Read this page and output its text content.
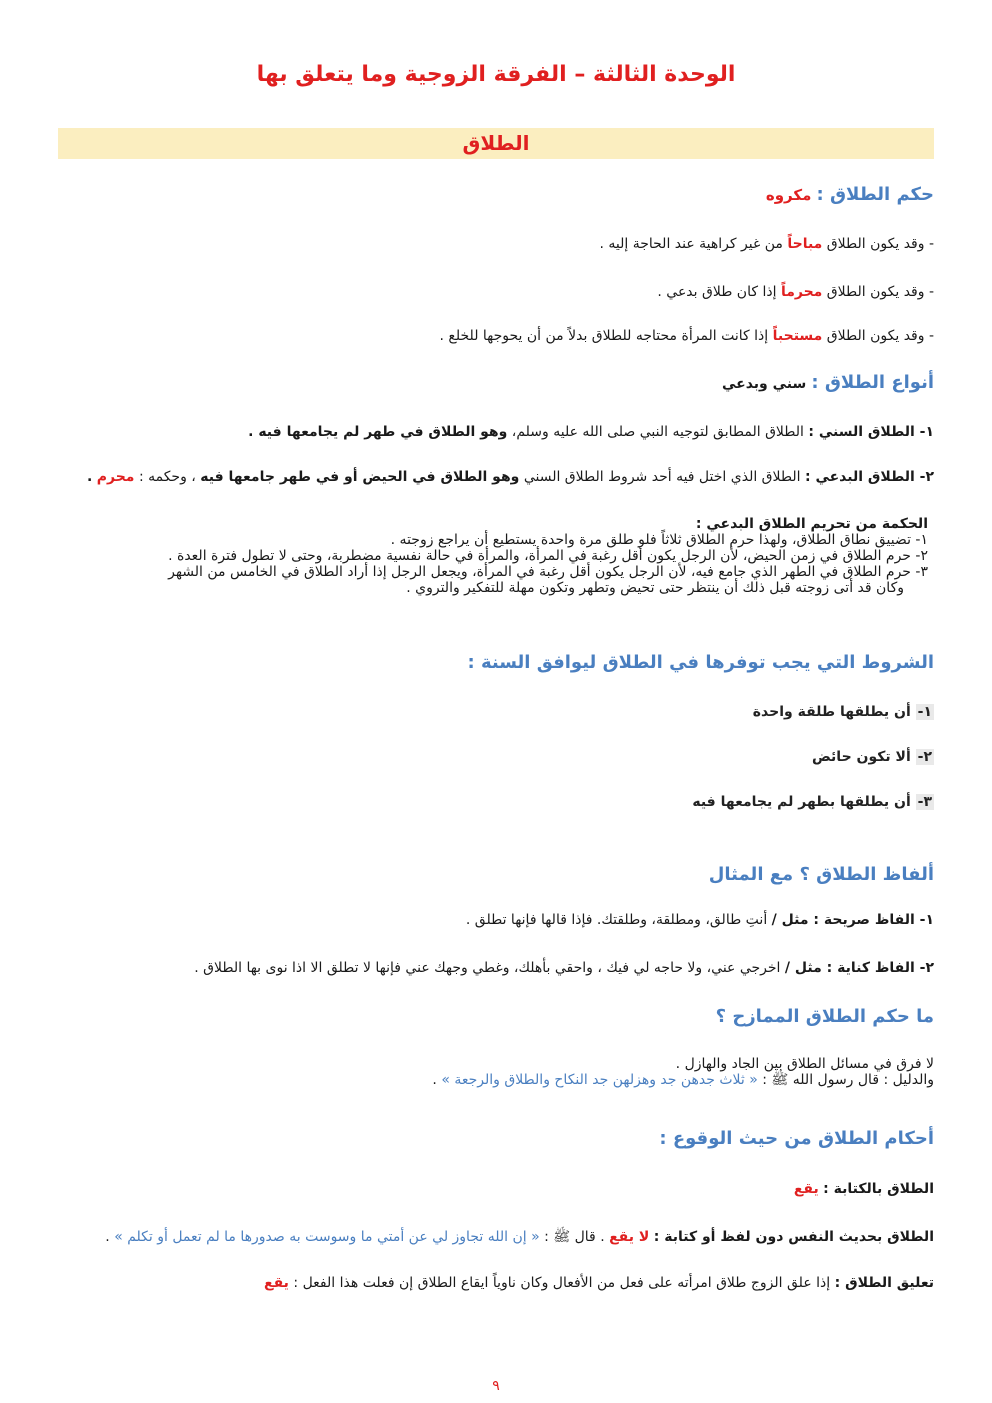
الوحدة الثالثة – الفرقة الزوجية وما يتعلق بها
الطلاق
حكم الطلاق : مكروه
- وقد يكون الطلاق مباحاً من غير كراهية عند الحاجة إليه .
- وقد يكون الطلاق محرماً إذا كان طلاق بدعي .
- وقد يكون الطلاق مستحباً إذا كانت المرأة محتاجه للطلاق بدلاً من أن يحوجها للخلع .
أنواع الطلاق : سني وبدعي
١- الطلاق السني : الطلاق المطابق لتوجيه النبي صلى الله عليه وسلم، وهو الطلاق في طهر لم يجامعها فيه .
٢- الطلاق البدعي : الطلاق الذي اختل فيه أحد شروط الطلاق السني وهو الطلاق في الحيض أو في طهر جامعها فيه ، وحكمه : محرم .
الحكمة من تحريم الطلاق البدعي :
١- تضييق نطاق الطلاق، ولهذا حرم الطلاق ثلاثاً فلو طلق مرة واحدة يستطيع أن يراجع زوجته .
٢- حرم الطلاق في زمن الحيض، لأن الرجل يكون أقل رغبة في المرأة، والمرأة في حالة نفسية مضطربة، وحتى لا تطول فترة العدة .
٣- حرم الطلاق في الطهر الذي جامع فيه، لأن الرجل يكون أقل رغبة في المرأة، ويجعل الرجل إذا أراد الطلاق في الخامس من الشهر
وكان قد أتى زوجته قبل ذلك أن ينتظر حتى تحيض وتطهر وتكون مهلة للتفكير والتروي .
الشروط التي يجب توفرها في الطلاق ليوافق السنة :
١- أن يطلقها طلقة واحدة
٢- ألا تكون حائض
٣- أن يطلقها بطهر لم يجامعها فيه
ألفاظ الطلاق ؟ مع المثال
١- الفاظ صريحة : مثل / أنتِ طالق، ومطلقة، وطلقتك. فإذا قالها فإنها تطلق .
٢- الفاظ كناية : مثل / اخرجي عني، ولا حاجه لي فيك ، واحقي بأهلك، وغطي وجهك عني فإنها لا تطلق الا اذا نوى بها الطلاق .
ما حكم الطلاق الممازح ؟
لا فرق في مسائل الطلاق بين الجاد والهازل .
والدليل : قال رسول الله ﷺ : « ثلاث جدهن جد وهزلهن جد النكاح والطلاق والرجعة » .
أحكام الطلاق من حيث الوقوع :
الطلاق بالكتابة : يقع
الطلاق بحديث النفس دون لفظ أو كتابة : لا يقع . قال ﷺ : « إن الله تجاوز لي عن أمتي ما وسوست به صدورها ما لم تعمل أو تكلم » .
تعليق الطلاق : إذا علق الزوج طلاق امرأته على فعل من الأفعال وكان ناوياً ايقاع الطلاق إن فعلت هذا الفعل : يقع
٩
